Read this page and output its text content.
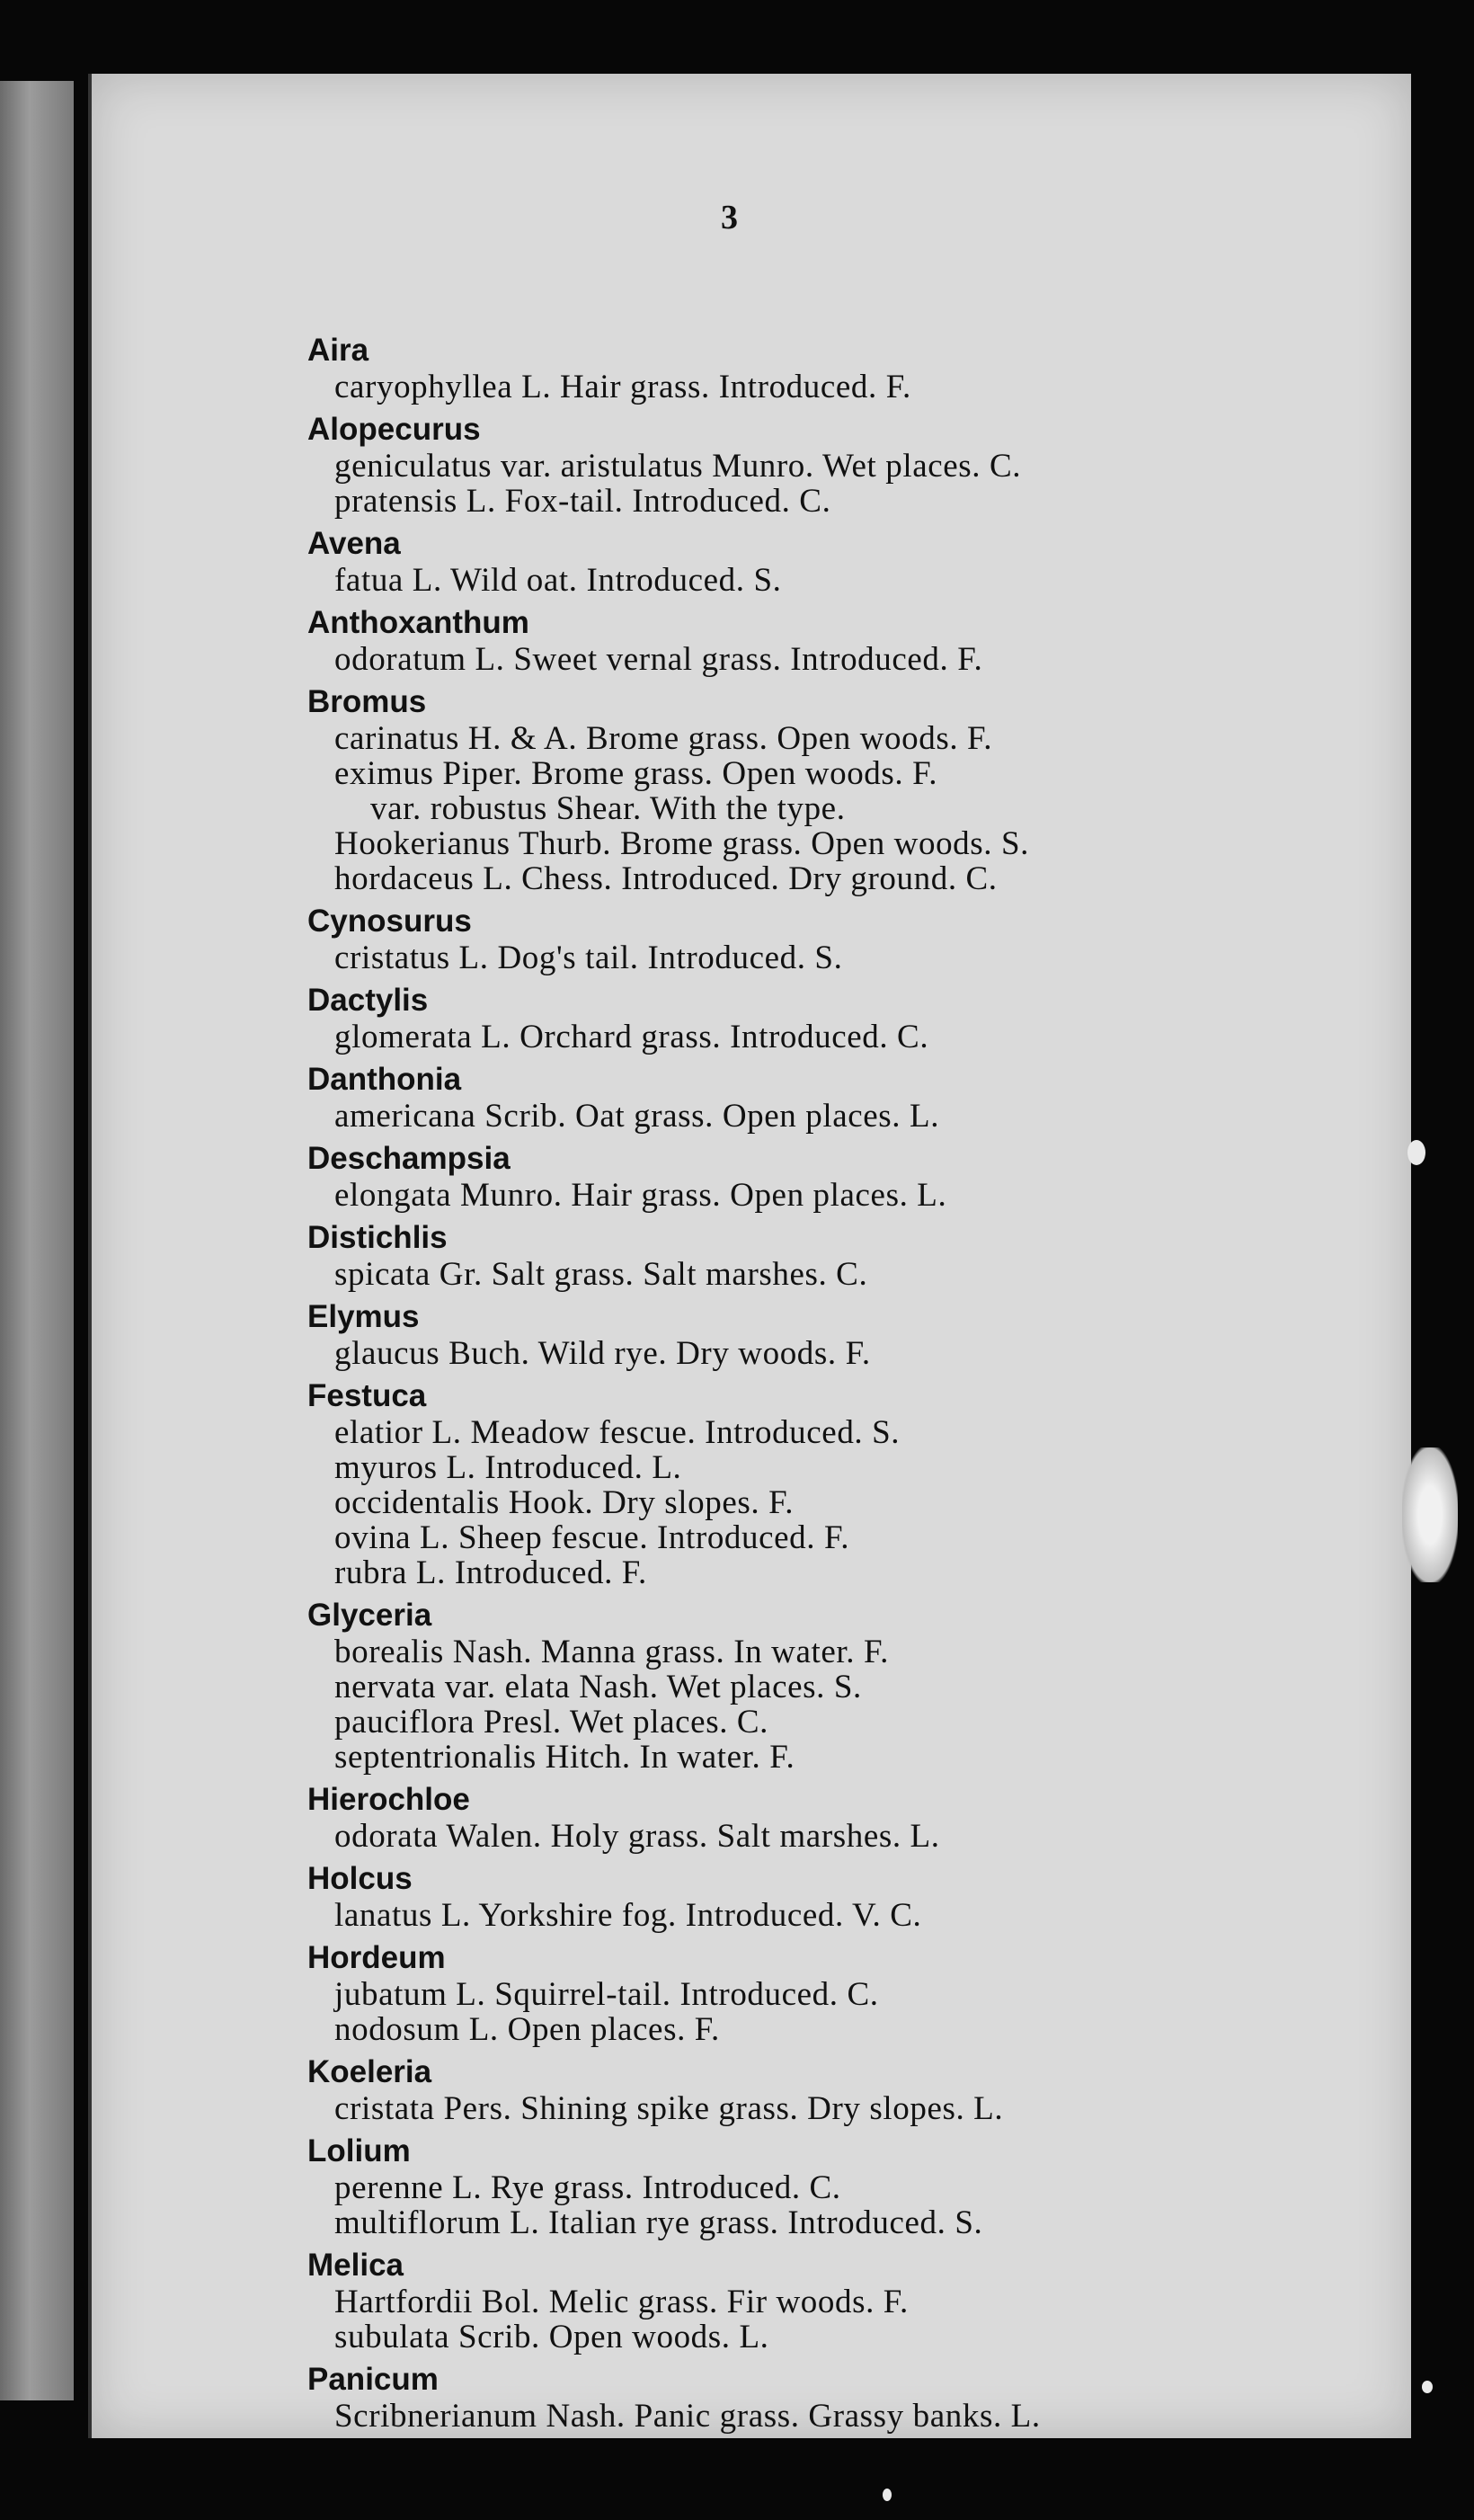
3
Aira
caryophyllea L. Hair grass. Introduced. F.
Alopecurus
geniculatus var. aristulatus Munro. Wet places. C.
pratensis L. Fox-tail. Introduced. C.
Avena
fatua L. Wild oat. Introduced. S.
Anthoxanthum
odoratum L. Sweet vernal grass. Introduced. F.
Bromus
carinatus H. & A. Brome grass. Open woods. F.
eximus Piper. Brome grass. Open woods. F.
var. robustus Shear. With the type.
Hookerianus Thurb. Brome grass. Open woods. S.
hordaceus L. Chess. Introduced. Dry ground. C.
Cynosurus
cristatus L. Dog's tail. Introduced. S.
Dactylis
glomerata L. Orchard grass. Introduced. C.
Danthonia
americana Scrib. Oat grass. Open places. L.
Deschampsia
elongata Munro. Hair grass. Open places. L.
Distichlis
spicata Gr. Salt grass. Salt marshes. C.
Elymus
glaucus Buch. Wild rye. Dry woods. F.
Festuca
elatior L. Meadow fescue. Introduced. S.
myuros L. Introduced. L.
occidentalis Hook. Dry slopes. F.
ovina L. Sheep fescue. Introduced. F.
rubra L. Introduced. F.
Glyceria
borealis Nash. Manna grass. In water. F.
nervata var. elata Nash. Wet places. S.
pauciflora Presl. Wet places. C.
septentrionalis Hitch. In water. F.
Hierochloe
odorata Walen. Holy grass. Salt marshes. L.
Holcus
lanatus L. Yorkshire fog. Introduced. V. C.
Hordeum
jubatum L. Squirrel-tail. Introduced. C.
nodosum L. Open places. F.
Koeleria
cristata Pers. Shining spike grass. Dry slopes. L.
Lolium
perenne L. Rye grass. Introduced. C.
multiflorum L. Italian rye grass. Introduced. S.
Melica
Hartfordii Bol. Melic grass. Fir woods. F.
subulata Scrib. Open woods. L.
Panicum
Scribnerianum Nash. Panic grass. Grassy banks. L.
